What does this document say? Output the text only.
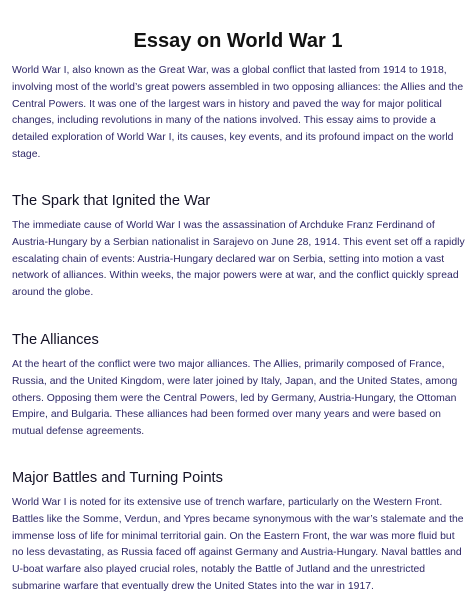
Essay on World War 1

World War I, also known as the Great War, was a global conflict that lasted from 1914 to 1918, involving most of the world’s great powers assembled in two opposing alliances: the Allies and the Central Powers. It was one of the largest wars in history and paved the way for major political changes, including revolutions in many of the nations involved. This essay aims to provide a detailed exploration of World War I, its causes, key events, and its profound impact on the world stage.

The Spark that Ignited the War

The immediate cause of World War I was the assassination of Archduke Franz Ferdinand of Austria-Hungary by a Serbian nationalist in Sarajevo on June 28, 1914. This event set off a rapidly escalating chain of events: Austria-Hungary declared war on Serbia, setting into motion a vast network of alliances. Within weeks, the major powers were at war, and the conflict quickly spread around the globe.

The Alliances

At the heart of the conflict were two major alliances. The Allies, primarily composed of France, Russia, and the United Kingdom, were later joined by Italy, Japan, and the United States, among others. Opposing them were the Central Powers, led by Germany, Austria-Hungary, the Ottoman Empire, and Bulgaria. These alliances had been formed over many years and were based on mutual defense agreements.

Major Battles and Turning Points

World War I is noted for its extensive use of trench warfare, particularly on the Western Front. Battles like the Somme, Verdun, and Ypres became synonymous with the war’s stalemate and the immense loss of life for minimal territorial gain. On the Eastern Front, the war was more fluid but no less devastating, as Russia faced off against Germany and Austria-Hungary. Naval battles and U-boat warfare also played crucial roles, notably the Battle of Jutland and the unrestricted submarine warfare that eventually drew the United States into the war in 1917.
